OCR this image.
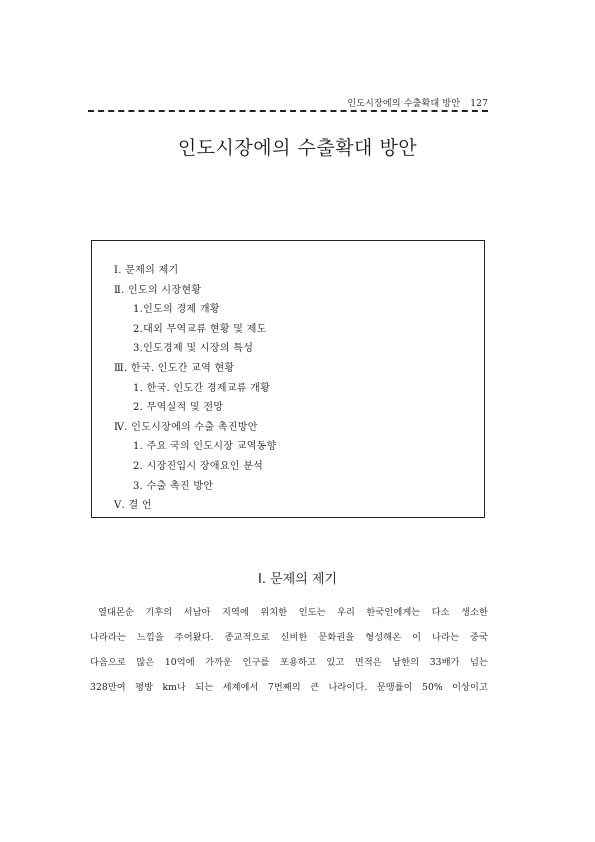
인도시장에의 수출확대 방안 127
인도시장에의 수출확대 방안
Ⅰ. 문제의 제기
Ⅱ. 인도의 시장현황
1.인도의 경제 개황
2.대외 무역교류 현황 및 제도
3.인도경제 및 시장의 특성
Ⅲ. 한국. 인도간 교역 현황
1. 한국. 인도간 경제교류 개황
2. 무역실적 및 전망
Ⅳ. 인도시장에의 수출 촉진방안
1. 주요 국의 인도시장 교역동향
2. 시장진입시 장애요인 분석
3. 수출 촉진 방안
Ⅴ. 결 언
Ⅰ. 문제의 제기
열대몬순 기후의 서남아 지역에 위치한 인도는 우리 한국인에게는 다소 생소한
나라라는 느낌을 주어왔다. 종교적으로 신비한 문화권을 형성해온 이 나라는 중국
다음으로 많은 10억에 가까운 인구를 포용하고 있고 면적은 남한의 33배가 넘는
328만여 평방 km나 되는 세계에서 7번째의 큰 나라이다. 문맹률이 50% 이상이고
